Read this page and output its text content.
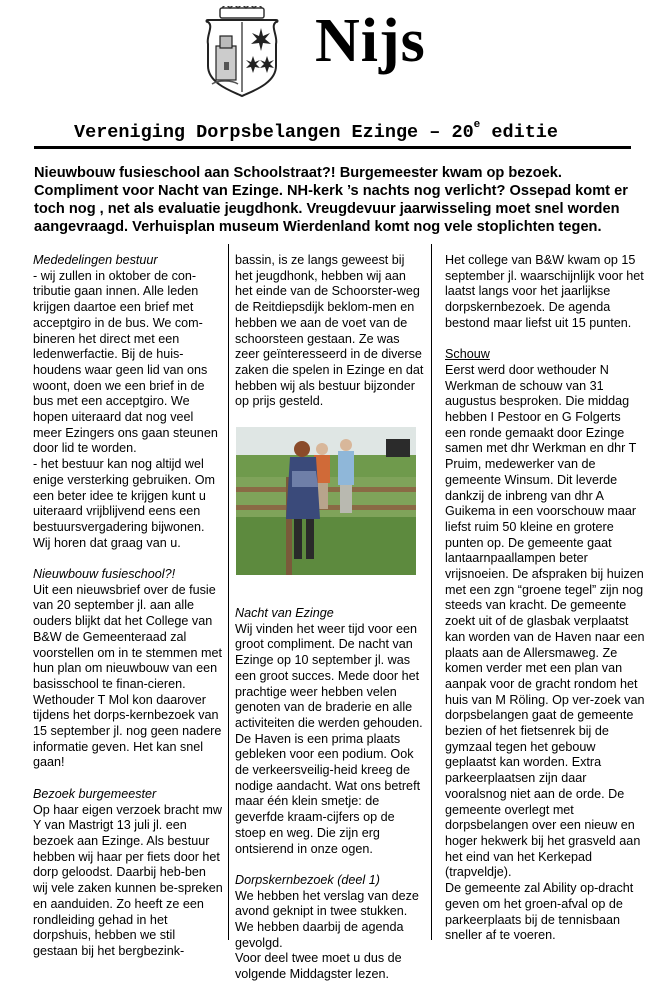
Nijs
Vereniging Dorpsbelangen Ezinge – 20e editie
Nieuwbouw fusieschool aan Schoolstraat?! Burgemeester kwam op bezoek. Compliment voor Nacht van Ezinge. NH-kerk ’s nachts nog verlicht? Ossepad komt er toch nog , net als evaluatie jeugdhonk. Vreugdevuur jaarwisseling moet snel worden aangevraagd. Verhuisplan museum Wierdenland komt nog vele stoplichten tegen.

Mededelingen bestuur

- wij zullen in oktober de con-tributie gaan innen. Alle leden krijgen daartoe een brief met acceptgiro in de bus. We com-bineren het direct met een ledenwerfactie. Bij de huis-houdens waar geen lid van ons woont, doen we een brief in de bus met een acceptgiro. We hopen uiteraard dat nog veel meer Ezingers ons gaan steunen door lid te worden.

- het bestuur kan nog altijd wel enige versterking gebruiken. Om een beter idee te krijgen kunt u uiteraard vrijblijvend eens een bestuursvergadering bijwonen. Wij horen dat graag van u.

Nieuwbouw fusieschool?!

Uit een nieuwsbrief over de fusie van 20 september jl. aan alle ouders blijkt dat het College van B&W de Gemeenteraad zal voorstellen om in te stemmen met hun plan om nieuwbouw van een basisschool te finan-cieren. Wethouder T Mol kon daarover tijdens het dorps-kernbezoek van 15 september jl. nog geen nadere informatie geven. Het kan snel gaan!

Bezoek burgemeester

Op haar eigen verzoek bracht mw Y van Mastrigt 13 juli jl. een bezoek aan Ezinge. Als bestuur hebben wij haar per fiets door het dorp geloodst. Daarbij heb-ben wij vele zaken kunnen be-spreken en aanduiden. Zo heeft ze een rondleiding gehad in het dorpshuis, hebben we stil gestaan bij het bergbezink-

bassin, is ze langs geweest bij het jeugdhonk, hebben wij aan het einde van de Schoorster-weg de Reitdiepsdijk beklom-men en hebben we aan de voet van de schoorsteen gestaan. Ze was zeer geïnteresseerd in de diverse zaken die spelen in Ezinge en dat hebben wij als bestuur bijzonder op prijs gesteld.

Nacht van Ezinge

Wij vinden het weer tijd voor een groot compliment. De nacht van Ezinge op 10 september jl. was een groot succes. Mede door het prachtige weer hebben velen genoten van de braderie en alle activiteiten die werden gehouden. De Haven is een prima plaats gebleken voor een podium. Ook de verkeersveilig-heid kreeg de nodige aandacht. Wat ons betreft maar één klein smetje: de geverfde kraam-cijfers op de stoep en weg. Die zijn erg ontsierend in onze ogen.

Dorpskernbezoek (deel 1)

We hebben het verslag van deze avond geknipt in twee stukken. We hebben daarbij de agenda gevolgd.

Voor deel twee moet u dus de volgende Middagster lezen.

Het college van B&W kwam op 15 september jl. waarschijnlijk voor het laatst langs voor het jaarlijkse dorpskernbezoek. De agenda bestond maar liefst uit 15 punten.

Schouw

Eerst werd door wethouder N Werkman de schouw van 31 augustus besproken. Die middag hebben I Pestoor en G Folgerts een ronde gemaakt door Ezinge samen met dhr Werkman en dhr T Pruim, medewerker van de gemeente Winsum. Dit leverde dankzij de inbreng van dhr A Guikema in een voorschouw maar liefst ruim 50 kleine en grotere punten op. De gemeente gaat lantaarnpaallampen beter vrijsnoeien. De afspraken bij huizen met een zgn “groene tegel” zijn nog steeds van kracht. De gemeente zoekt uit of de glasbak verplaatst kan worden van de Haven naar een plaats aan de Allersmaweg. Ze komen verder met een plan van aanpak voor de gracht rondom het huis van M Röling. Op ver-zoek van dorpsbelangen gaat de gemeente bezien of het fietsenrek bij de gymzaal tegen het gebouw geplaatst kan worden. Extra parkeerplaatsen zijn daar vooralsnog niet aan de orde. De gemeente overlegt met dorpsbelangen over een nieuw en hoger hekwerk bij het grasveld aan het eind van het Kerkepad (trapveldje).

De gemeente zal Ability op-dracht geven om het groen-afval op de parkeerplaats bij de tennisbaan sneller af te voeren.
